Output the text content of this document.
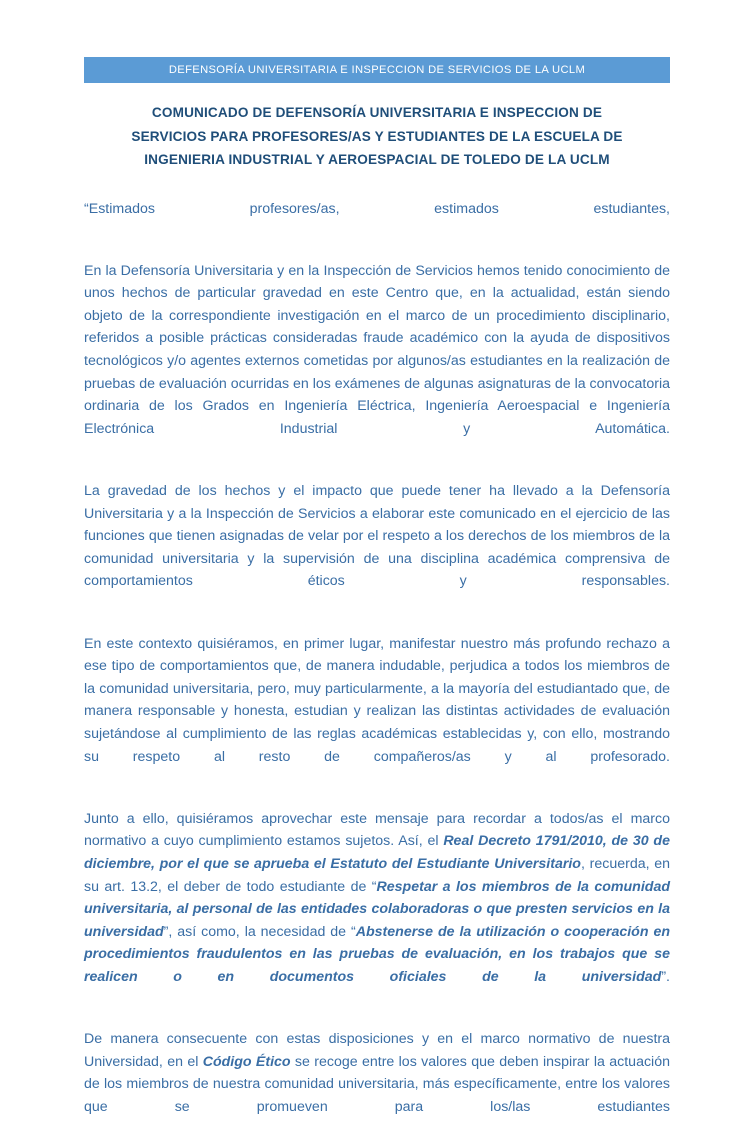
DEFENSORÍA UNIVERSITARIA E INSPECCION DE SERVICIOS DE LA UCLM
COMUNICADO DE DEFENSORÍA UNIVERSITARIA E INSPECCION DE
SERVICIOS PARA PROFESORES/AS Y ESTUDIANTES DE LA ESCUELA DE
INGENIERIA INDUSTRIAL Y AEROESPACIAL DE TOLEDO DE LA UCLM

“Estimados profesores/as, estimados estudiantes,

En la Defensoría Universitaria y en la Inspección de Servicios hemos tenido conocimiento de unos hechos de particular gravedad en este Centro que, en la actualidad, están siendo objeto de la correspondiente investigación en el marco de un procedimiento disciplinario, referidos a posible prácticas consideradas fraude académico con la ayuda de dispositivos tecnológicos y/o agentes externos cometidas por algunos/as estudiantes en la realización de pruebas de evaluación ocurridas en los exámenes de algunas asignaturas de la convocatoria ordinaria de los Grados en Ingeniería Eléctrica, Ingeniería Aeroespacial e Ingeniería Electrónica Industrial y Automática.

La gravedad de los hechos y el impacto que puede tener ha llevado a la Defensoría Universitaria y a la Inspección de Servicios a elaborar este comunicado en el ejercicio de las funciones que tienen asignadas de velar por el respeto a los derechos de los miembros de la comunidad universitaria y la supervisión de una disciplina académica comprensiva de comportamientos éticos y responsables.

En este contexto quisiéramos, en primer lugar, manifestar nuestro más profundo rechazo a ese tipo de comportamientos que, de manera indudable, perjudica a todos los miembros de la comunidad universitaria, pero, muy particularmente, a la mayoría del estudiantado que, de manera responsable y honesta, estudian y realizan las distintas actividades de evaluación sujetándose al cumplimiento de las reglas académicas establecidas y, con ello, mostrando su respeto al resto de compañeros/as y al profesorado.

Junto a ello, quisiéramos aprovechar este mensaje para recordar a todos/as el marco normativo a cuyo cumplimiento estamos sujetos. Así, el Real Decreto 1791/2010, de 30 de diciembre, por el que se aprueba el Estatuto del Estudiante Universitario, recuerda, en su art. 13.2, el deber de todo estudiante de “Respetar a los miembros de la comunidad universitaria, al personal de las entidades colaboradoras o que presten servicios en la universidad”, así como, la necesidad de “Abstenerse de la utilización o cooperación en procedimientos fraudulentos en las pruebas de evaluación, en los trabajos que se realicen o en documentos oficiales de la universidad”.

De manera consecuente con estas disposiciones y en el marco normativo de nuestra Universidad, en el Código Ético se recoge entre los valores que deben inspirar la actuación de los miembros de nuestra comunidad universitaria, más específicamente, entre los valores que se promueven para los/las estudiantes
